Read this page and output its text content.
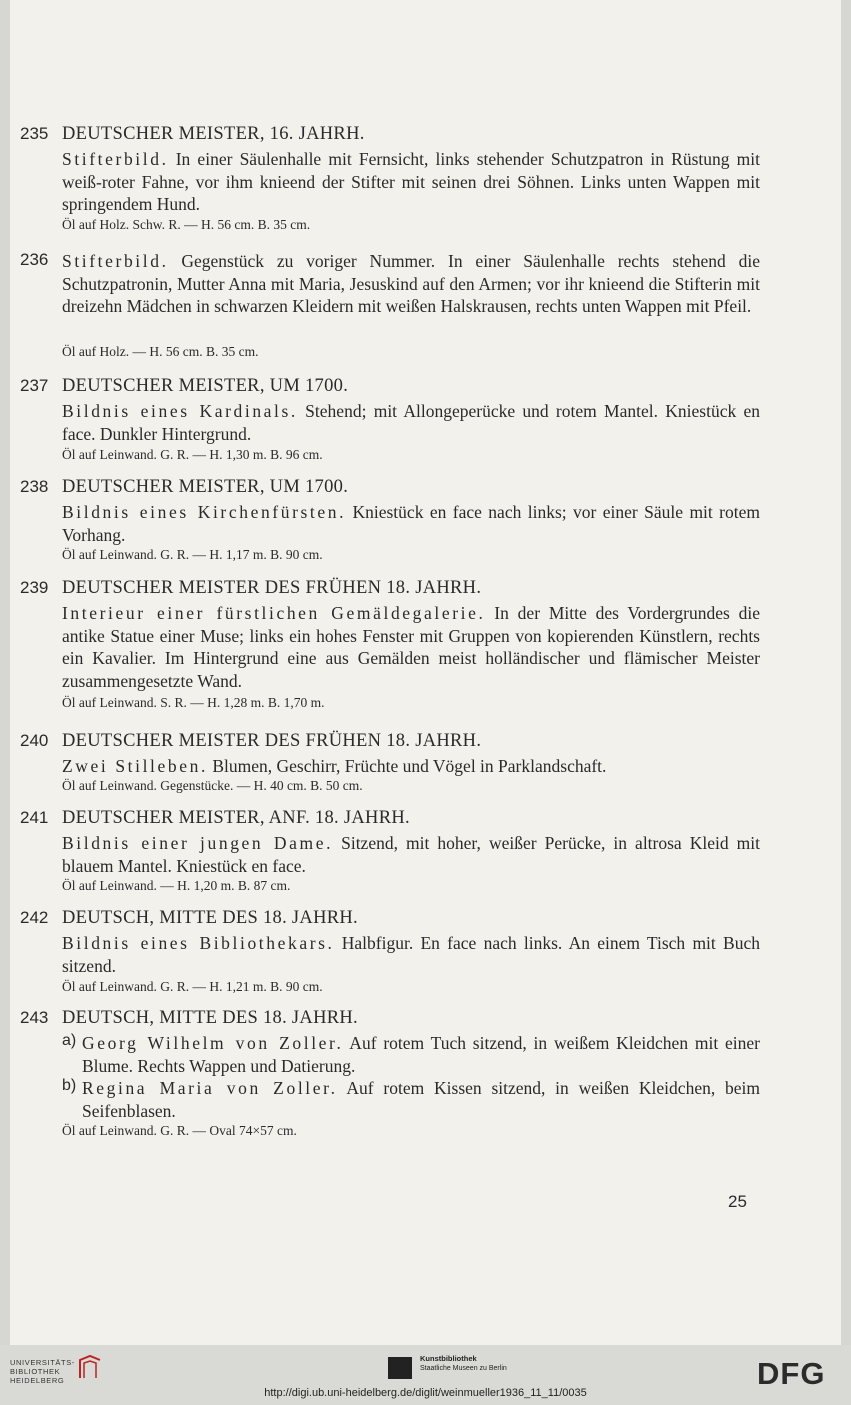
235 DEUTSCHER MEISTER, 16. JAHRH.
Stifterbild. In einer Säulenhalle mit Fernsicht, links stehender Schutzpatron in Rüstung mit weiß-roter Fahne, vor ihm knieend der Stifter mit seinen drei Söhnen. Links unten Wappen mit springendem Hund.
Öl auf Holz. Schw. R. — H. 56 cm. B. 35 cm.
236 Stifterbild. Gegenstück zu voriger Nummer. In einer Säulenhalle rechts stehend die Schutzpatronin, Mutter Anna mit Maria, Jesuskind auf den Armen; vor ihr knieend die Stifterin mit dreizehn Mädchen in schwarzen Kleidern mit weißen Halskrausen, rechts unten Wappen mit Pfeil.
Öl auf Holz. — H. 56 cm. B. 35 cm.
237 DEUTSCHER MEISTER, UM 1700.
Bildnis eines Kardinals. Stehend; mit Allongeperücke und rotem Mantel. Kniestück en face. Dunkler Hintergrund.
Öl auf Leinwand. G. R. — H. 1,30 m. B. 96 cm.
238 DEUTSCHER MEISTER, UM 1700.
Bildnis eines Kirchenfürsten. Kniestück en face nach links; vor einer Säule mit rotem Vorhang.
Öl auf Leinwand. G. R. — H. 1,17 m. B. 90 cm.
239 DEUTSCHER MEISTER DES FRÜHEN 18. JAHRH.
Interieur einer fürstlichen Gemäldegalerie. In der Mitte des Vordergrundes die antike Statue einer Muse; links ein hohes Fenster mit Gruppen von kopierenden Künstlern, rechts ein Kavalier. Im Hintergrund eine aus Gemälden meist holländischer und flämischer Meister zusammengesetzte Wand.
Öl auf Leinwand. S. R. — H. 1,28 m. B. 1,70 m.
240 DEUTSCHER MEISTER DES FRÜHEN 18. JAHRH.
Zwei Stilleben. Blumen, Geschirr, Früchte und Vögel in Parklandschaft.
Öl auf Leinwand. Gegenstücke. — H. 40 cm. B. 50 cm.
241 DEUTSCHER MEISTER, ANF. 18. JAHRH.
Bildnis einer jungen Dame. Sitzend, mit hoher, weißer Perücke, in altrosa Kleid mit blauem Mantel. Kniestück en face.
Öl auf Leinwand. — H. 1,20 m. B. 87 cm.
242 DEUTSCH, MITTE DES 18. JAHRH.
Bildnis eines Bibliothekars. Halbfigur. En face nach links. An einem Tisch mit Buch sitzend.
Öl auf Leinwand. G. R. — H. 1,21 m. B. 90 cm.
243 DEUTSCH, MITTE DES 18. JAHRH.
a) Georg Wilhelm von Zoller. Auf rotem Tuch sitzend, in weißem Kleidchen mit einer Blume. Rechts Wappen und Datierung.
b) Regina Maria von Zoller. Auf rotem Kissen sitzend, in weißen Kleidchen, beim Seifenblasen.
Öl auf Leinwand. G. R. — Oval 74×57 cm.
25
UNIVERSITÄTS-
BIBLIOTHEK
HEIDELBERG
Kunstbibliothek
Staatliche Museen zu Berlin	DFG
http://digi.ub.uni-heidelberg.de/diglit/weinmueller1936_11_11/0035
